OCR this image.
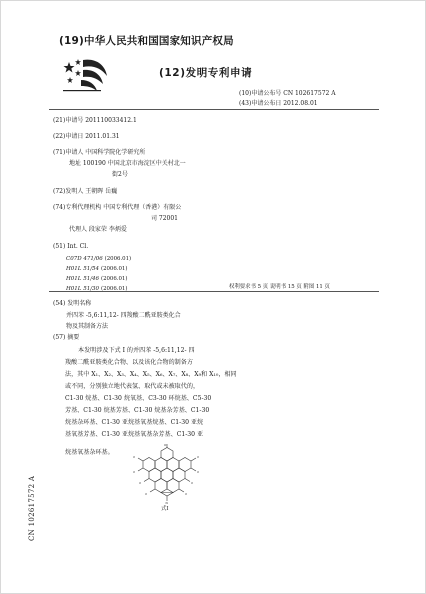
(19)中华人民共和国国家知识产权局
(12)发明专利申请
(10)申请公布号 CN 102617572 A
(43)申请公布日 2012.08.01
(21)申请号 201110033412.1
(22)申请日 2011.01.31
(71)申请人 中国科学院化学研究所
地址 100190 中国北京市海淀区中关村北一
街2号
(72)发明人 王朝晖 岳巍
(74)专利代理机构 中国专利代理（香港）有限公
司 72001
代理人 段家荣 李炳爱
(51) Int. Cl.
C07D 471/06 (2006.01)
H01L 51/54 (2006.01)
H01L 51/46 (2006.01)
H01L 51/30 (2006.01)	权利要求书 5 页 说明书 15 页 附图 11 页
(54) 发明名称
并四苯 -5,6:11,12- 四羧酸二酰亚胺类化合
物及其制备方法
(57) 摘要
本发明涉及下式 I 的并四苯 -5,6:11,12- 四
羧酸二酰亚胺类化合物、以及该化合物的制备方
法，其中 X₁、X₂、X₃、X₄、X₅、X₆、X₇、X₈、X₉和 X₁₀，相同
或不同，分别独立地代表氢、取代或未被取代的，
C1-30 烷基、C1-30 烷氧基、C3-30 环烷基、C5-30
芳基、C1-30 烷基芳基、C1-30 烷基杂芳基、C1-30
烷基杂环基、C1-30 亚烷基氧基烷基、C1-30 亚烷
基氧基芳基、C1-30 亚烷基氧基杂芳基、C1-30 亚
烷基氧基杂环基。
O
X
X
X
X
X	X
X	X
N
式I
CN 102617572 A
